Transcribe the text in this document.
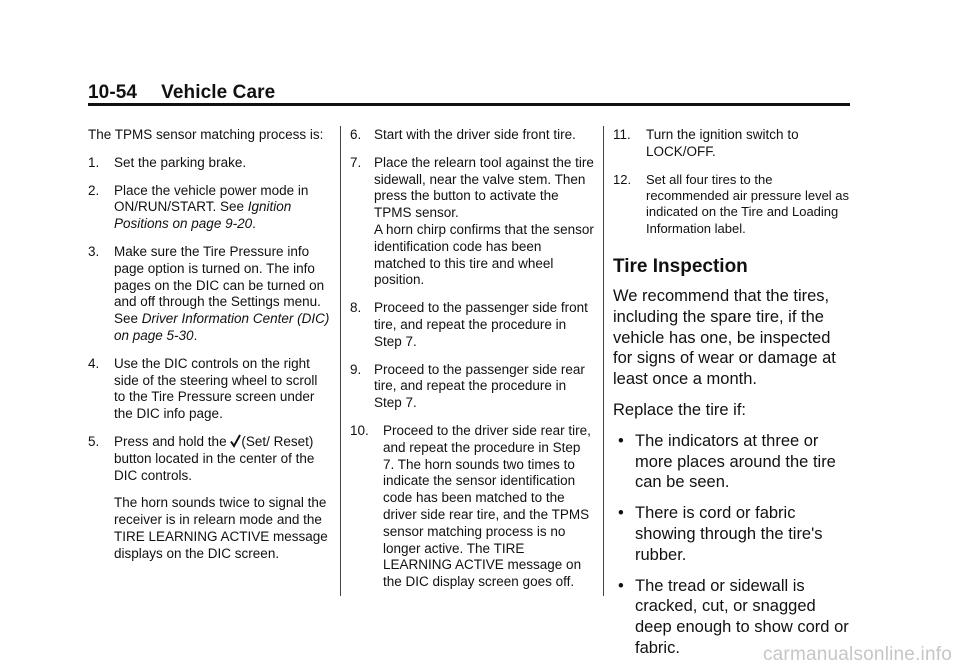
10-54 Vehicle Care

The TPMS sensor matching process is:

1. Set the parking brake.
2. Place the vehicle power mode in ON/RUN/START. See Ignition Positions on page 9-20.
3. Make sure the Tire Pressure info page option is turned on. The info pages on the DIC can be turned on and off through the Settings menu. See Driver Information Center (DIC) on page 5-30.
4. Use the DIC controls on the right side of the steering wheel to scroll to the Tire Pressure screen under the DIC info page.
5. Press and hold the
(Set/ Reset) button located in the center of the DIC controls.
The horn sounds twice to signal the receiver is in relearn mode and the TIRE LEARNING ACTIVE message displays on the DIC screen.
6. Start with the driver side front tire.
7. Place the relearn tool against the tire sidewall, near the valve stem. Then press the button to activate the TPMS sensor.
A horn chirp confirms that the sensor identification code has been matched to this tire and wheel position.
8. Proceed to the passenger side front tire, and repeat the procedure in Step 7.
9. Proceed to the passenger side rear tire, and repeat the procedure in Step 7.
10. Proceed to the driver side rear tire, and repeat the procedure in Step 7. The horn sounds two times to indicate the sensor identification code has been matched to the driver side rear tire, and the TPMS sensor matching process is no longer active. The TIRE LEARNING ACTIVE message on the DIC display screen goes off.
11. Turn the ignition switch to LOCK/OFF.
12. Set all four tires to the recommended air pressure level as indicated on the Tire and Loading Information label.
Tire Inspection
We recommend that the tires, including the spare tire, if the vehicle has one, be inspected for signs of wear or damage at least once a month.
Replace the tire if:
• The indicators at three or more places around the tire can be seen.
• There is cord or fabric showing through the tire's rubber.
• The tread or sidewall is cracked, cut, or snagged deep enough to show cord or fabric.	carmanualsonline.info
